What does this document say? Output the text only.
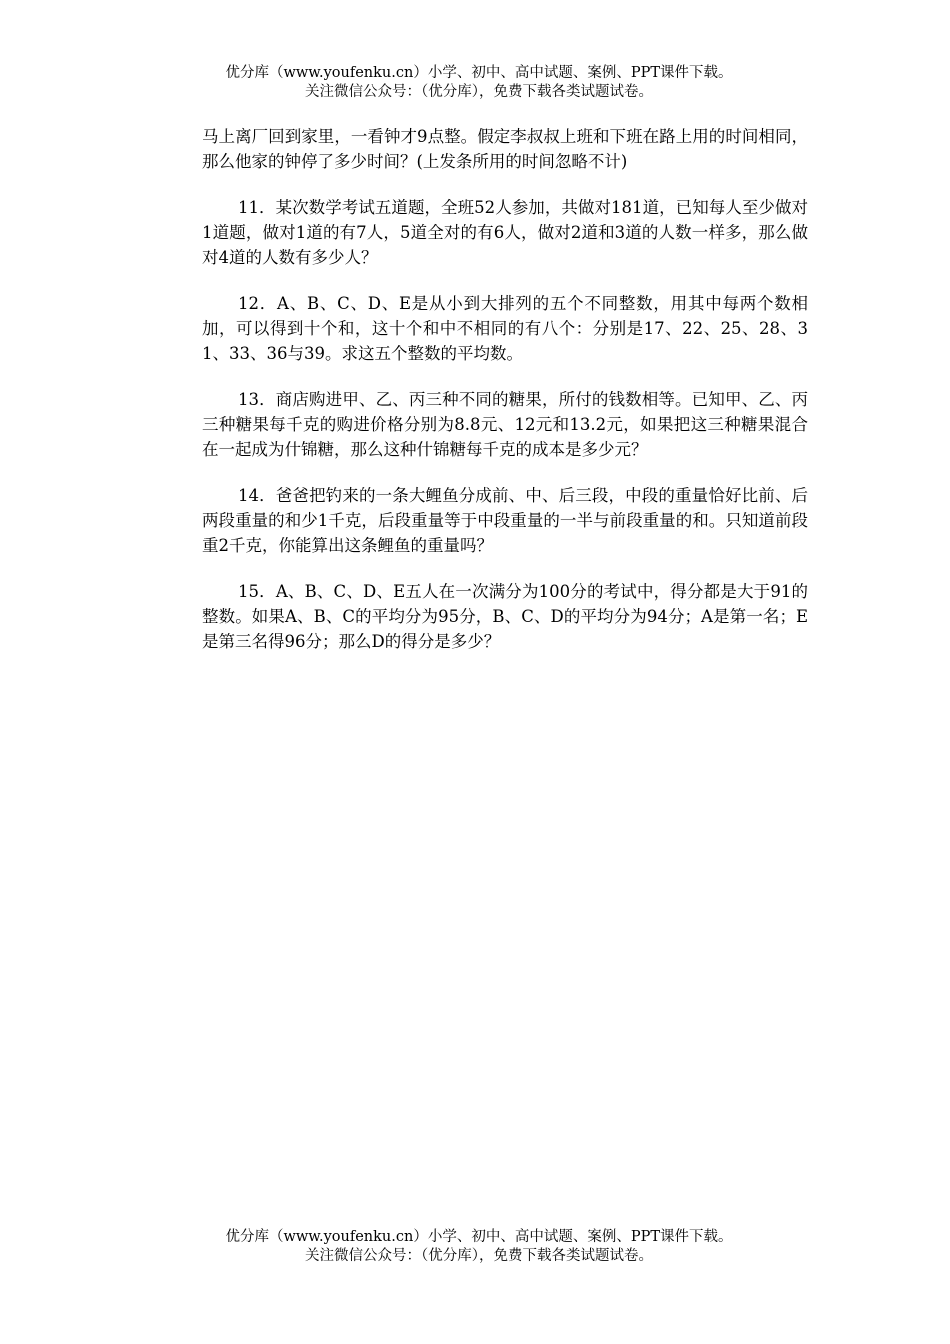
优分库（www.youfenku.cn）小学、初中、高中试题、案例、PPT课件下载。
关注微信公众号：（优分库），免费下载各类试题试卷。

马上离厂回到家里，一看钟才9点整。假定李叔叔上班和下班在路上用的时间相同，那么他家的钟停了多少时间？(上发条所用的时间忽略不计)

11．某次数学考试五道题，全班52人参加，共做对181道，已知每人至少做对1道题，做对1道的有7人，5道全对的有6人，做对2道和3道的人数一样多，那么做对4道的人数有多少人？

12．A、B、C、D、E是从小到大排列的五个不同整数，用其中每两个数相加，可以得到十个和，这十个和中不相同的有八个：分别是17、22、25、28、31、33、36与39。求这五个整数的平均数。

13．商店购进甲、乙、丙三种不同的糖果，所付的钱数相等。已知甲、乙、丙三种糖果每千克的购进价格分别为8.8元、12元和13.2元，如果把这三种糖果混合在一起成为什锦糖，那么这种什锦糖每千克的成本是多少元？

14．爸爸把钓来的一条大鲤鱼分成前、中、后三段，中段的重量恰好比前、后两段重量的和少1千克，后段重量等于中段重量的一半与前段重量的和。只知道前段重2千克，你能算出这条鲤鱼的重量吗？

15．A、B、C、D、E五人在一次满分为100分的考试中，得分都是大于91的整数。如果A、B、C的平均分为95分，B、C、D的平均分为94分；A是第一名；E是第三名得96分；那么D的得分是多少？

优分库（www.youfenku.cn）小学、初中、高中试题、案例、PPT课件下载。
关注微信公众号：（优分库），免费下载各类试题试卷。
